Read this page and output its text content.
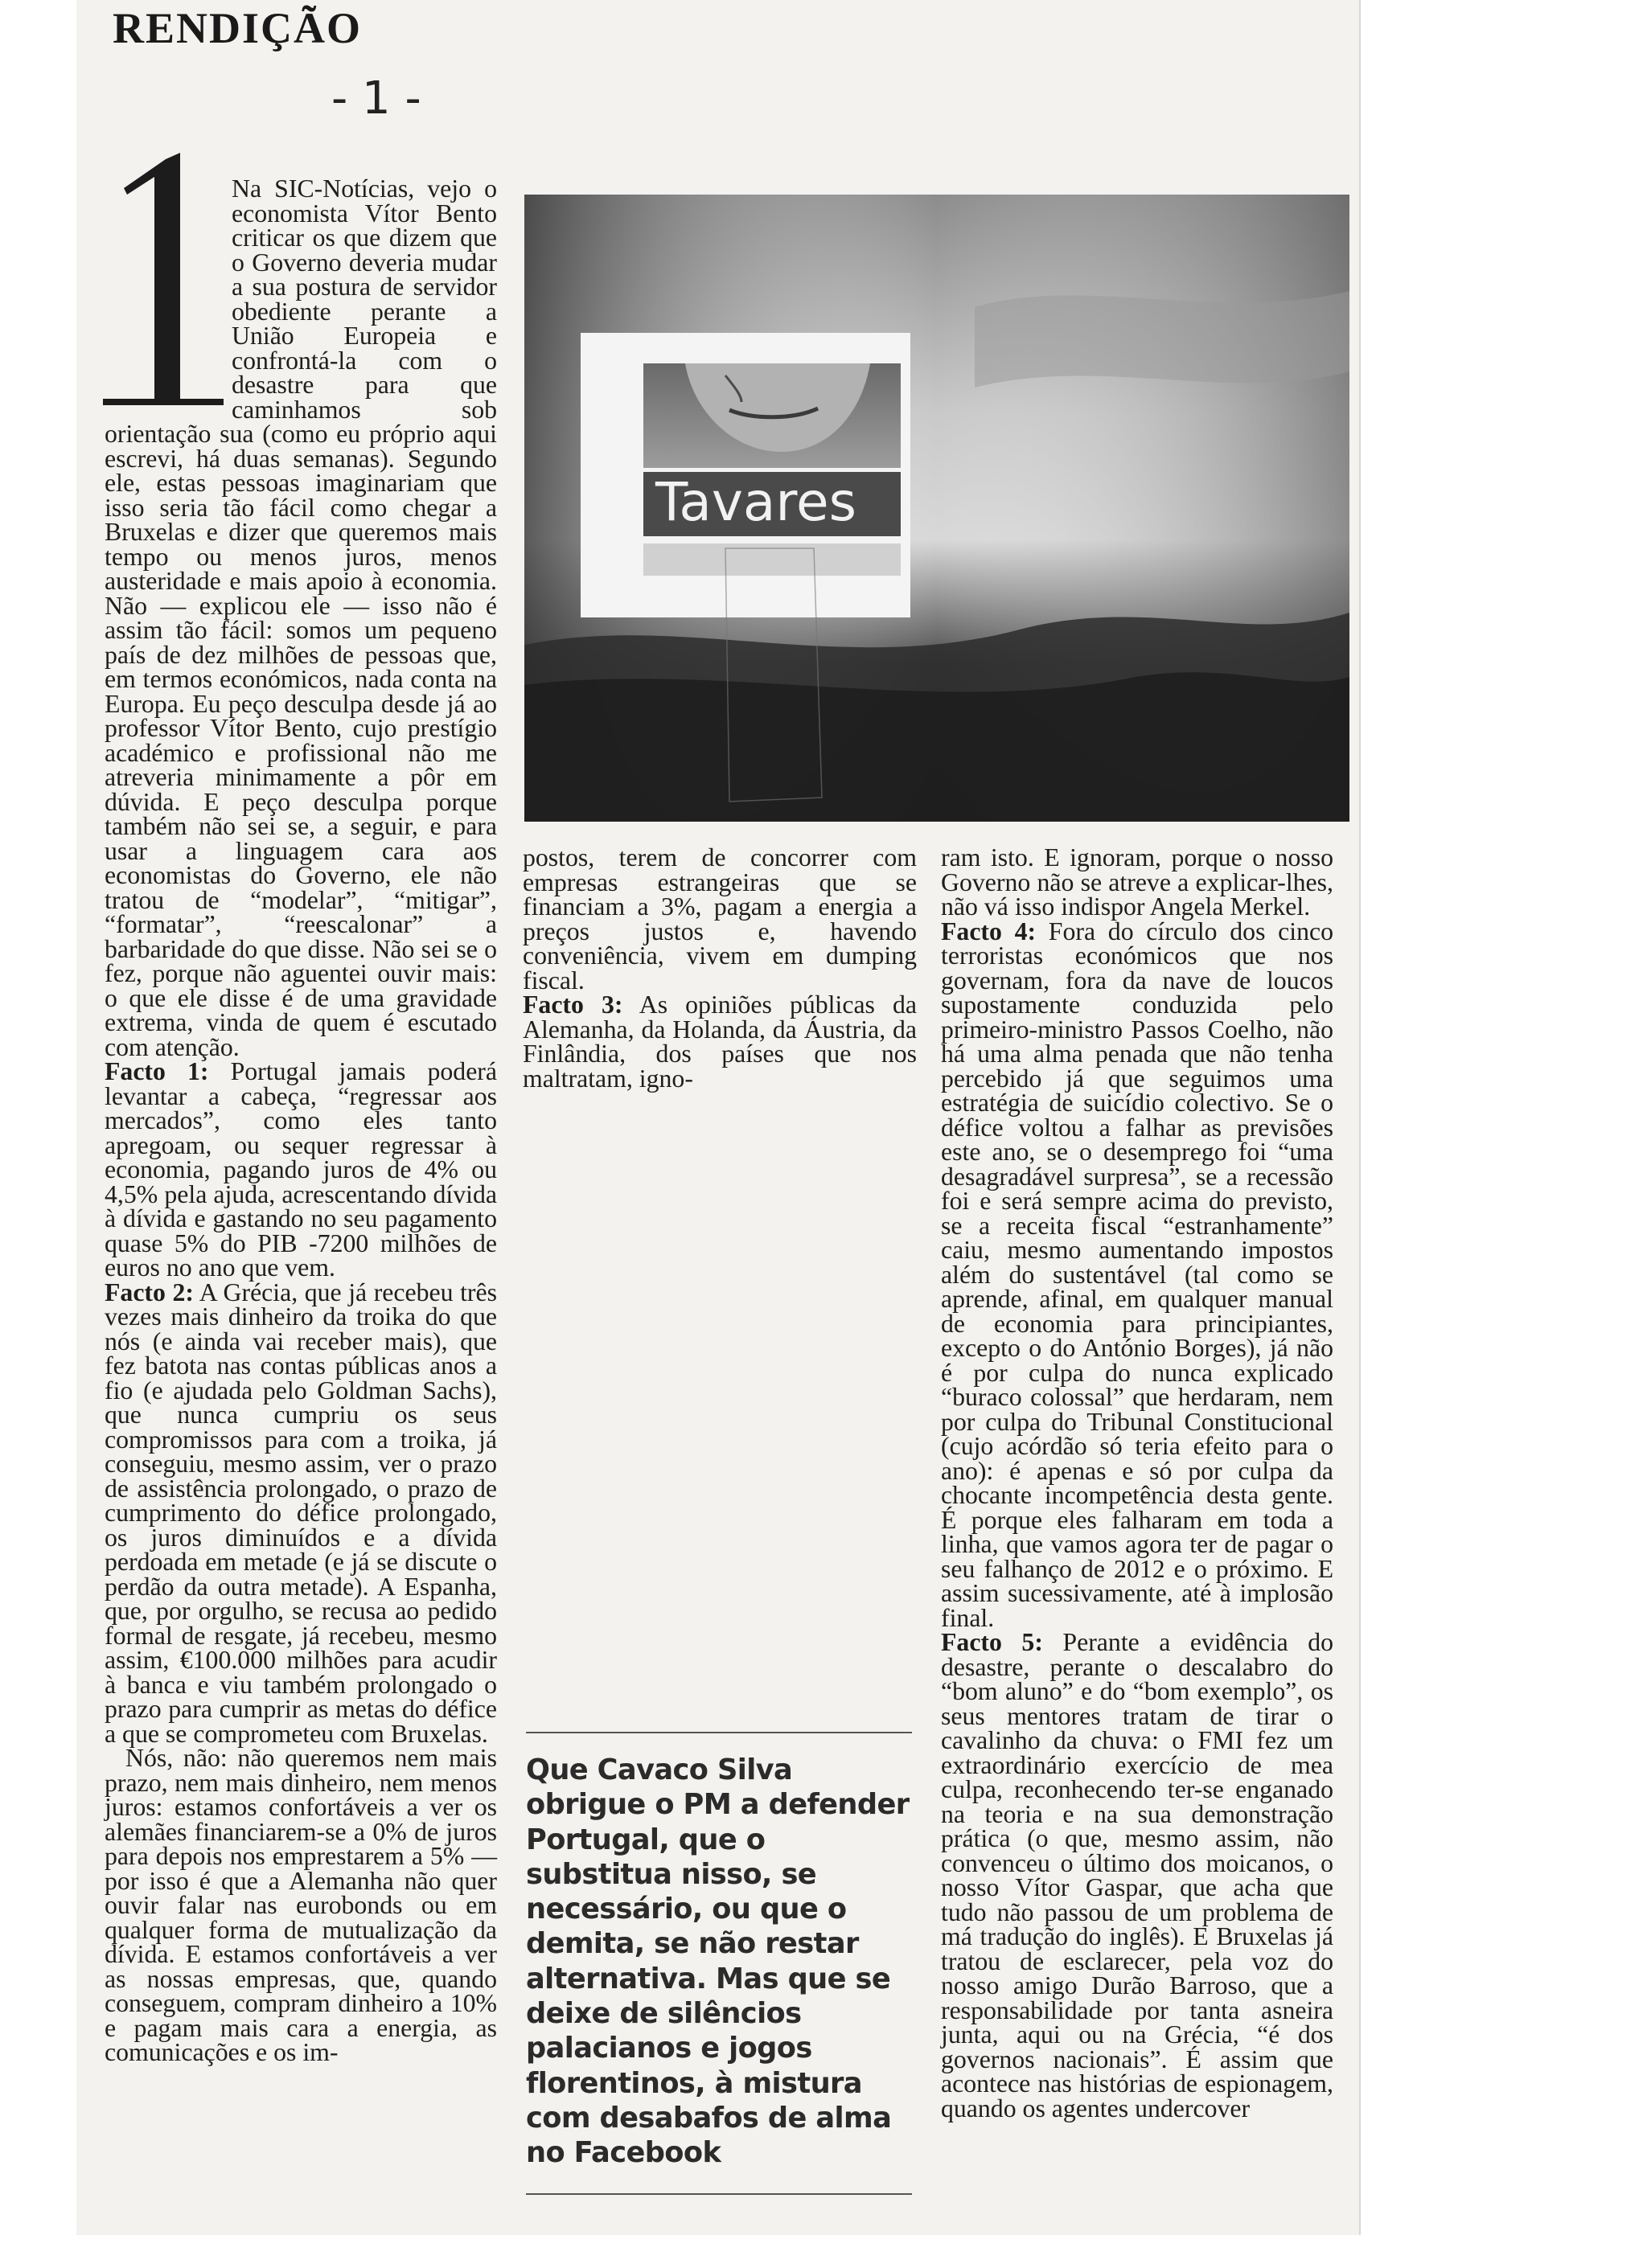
RENDIÇÃO
- 1 -
Tavares

Na SIC-Notícias, vejo o economista Vítor Bento criticar os que dizem que o Governo deveria mudar a sua postura de servidor obediente perante a União Europeia e confrontá-la com o desastre para que caminhamos sob orientação sua (como eu próprio aqui escrevi, há duas semanas). Segundo ele, estas pessoas imaginariam que isso seria tão fácil como chegar a Bruxelas e dizer que queremos mais tempo ou menos juros, menos austeridade e mais apoio à economia. Não — explicou ele — isso não é assim tão fácil: somos um pequeno país de dez milhões de pessoas que, em termos económicos, nada conta na Europa. Eu peço desculpa desde já ao professor Vítor Bento, cujo prestígio académico e profissional não me atreveria minimamente a pôr em dúvida. E peço desculpa porque também não sei se, a seguir, e para usar a linguagem cara aos economistas do Governo, ele não tratou de “modelar”, “mitigar”, “formatar”, “reescalonar” a barbaridade do que disse. Não sei se o fez, porque não aguentei ouvir mais: o que ele disse é de uma gravidade extrema, vinda de quem é escutado com atenção.

Facto 1: Portugal jamais poderá levantar a cabeça, “regressar aos mercados”, como eles tanto apregoam, ou sequer regressar à economia, pagando juros de 4% ou 4,5% pela ajuda, acrescentando dívida à dívida e gastando no seu pagamento quase 5% do PIB -7200 milhões de euros no ano que vem.

Facto 2: A Grécia, que já recebeu três vezes mais dinheiro da troika do que nós (e ainda vai receber mais), que fez batota nas contas públicas anos a fio (e ajudada pelo Goldman Sachs), que nunca cumpriu os seus compromissos para com a troika, já conseguiu, mesmo assim, ver o prazo de assistência prolongado, o prazo de cumprimento do défice prolongado, os juros diminuídos e a dívida perdoada em metade (e já se discute o perdão da outra metade). A Espanha, que, por orgulho, se recusa ao pedido formal de resgate, já recebeu, mesmo assim, €100.000 milhões para acudir à banca e viu também prolongado o prazo para cumprir as metas do défice a que se comprometeu com Bruxelas.

Nós, não: não queremos nem mais prazo, nem mais dinheiro, nem menos juros: estamos confortáveis a ver os alemães financiarem-se a 0% de juros para depois nos emprestarem a 5% — por isso é que a Alemanha não quer ouvir falar nas eurobonds ou em qualquer forma de mutualização da dívida. E estamos confortáveis a ver as nossas empresas, que, quando conseguem, compram dinheiro a 10% e pagam mais cara a energia, as comunicações e os im-

postos, terem de concorrer com empresas estrangeiras que se financiam a 3%, pagam a energia a preços justos e, havendo conveniência, vivem em dumping fiscal.

Facto 3: As opiniões públicas da Alemanha, da Holanda, da Áustria, da Finlândia, dos países que nos maltratam, igno-

ram isto. E ignoram, porque o nosso Governo não se atreve a explicar-lhes, não vá isso indispor Angela Merkel.

Facto 4: Fora do círculo dos cinco terroristas económicos que nos governam, fora da nave de loucos supostamente conduzida pelo primeiro-ministro Passos Coelho, não há uma alma penada que não tenha percebido já que seguimos uma estratégia de suicídio colectivo. Se o défice voltou a falhar as previsões este ano, se o desemprego foi “uma desagradável surpresa”, se a recessão foi e será sempre acima do previsto, se a receita fiscal “estranhamente” caiu, mesmo aumentando impostos além do sustentável (tal como se aprende, afinal, em qualquer manual de economia para principiantes, excepto o do António Borges), já não é por culpa do nunca explicado “buraco colossal” que herdaram, nem por culpa do Tribunal Constitucional (cujo acórdão só teria efeito para o ano): é apenas e só por culpa da chocante incompetência desta gente. É porque eles falharam em toda a linha, que vamos agora ter de pagar o seu falhanço de 2012 e o próximo. E assim sucessivamente, até à implosão final.

Facto 5: Perante a evidência do desastre, perante o descalabro do “bom aluno” e do “bom exemplo”, os seus mentores tratam de tirar o cavalinho da chuva: o FMI fez um extraordinário exercício de mea culpa, reconhecendo ter-se enganado na teoria e na sua demonstração prática (o que, mesmo assim, não convenceu o último dos moicanos, o nosso Vítor Gaspar, que acha que tudo não passou de um problema de má tradução do inglês). E Bruxelas já tratou de esclarecer, pela voz do nosso amigo Durão Barroso, que a responsabilidade por tanta asneira junta, aqui ou na Grécia, “é dos governos nacionais”. É assim que acontece nas histórias de espionagem, quando os agentes undercover

Que Cavaco Silva obrigue o PM a defender Portugal, que o substitua nisso, se necessário, ou que o demita, se não restar alternativa. Mas que se deixe de silêncios palacianos e jogos florentinos, à mistura com desabafos de alma no Facebook
